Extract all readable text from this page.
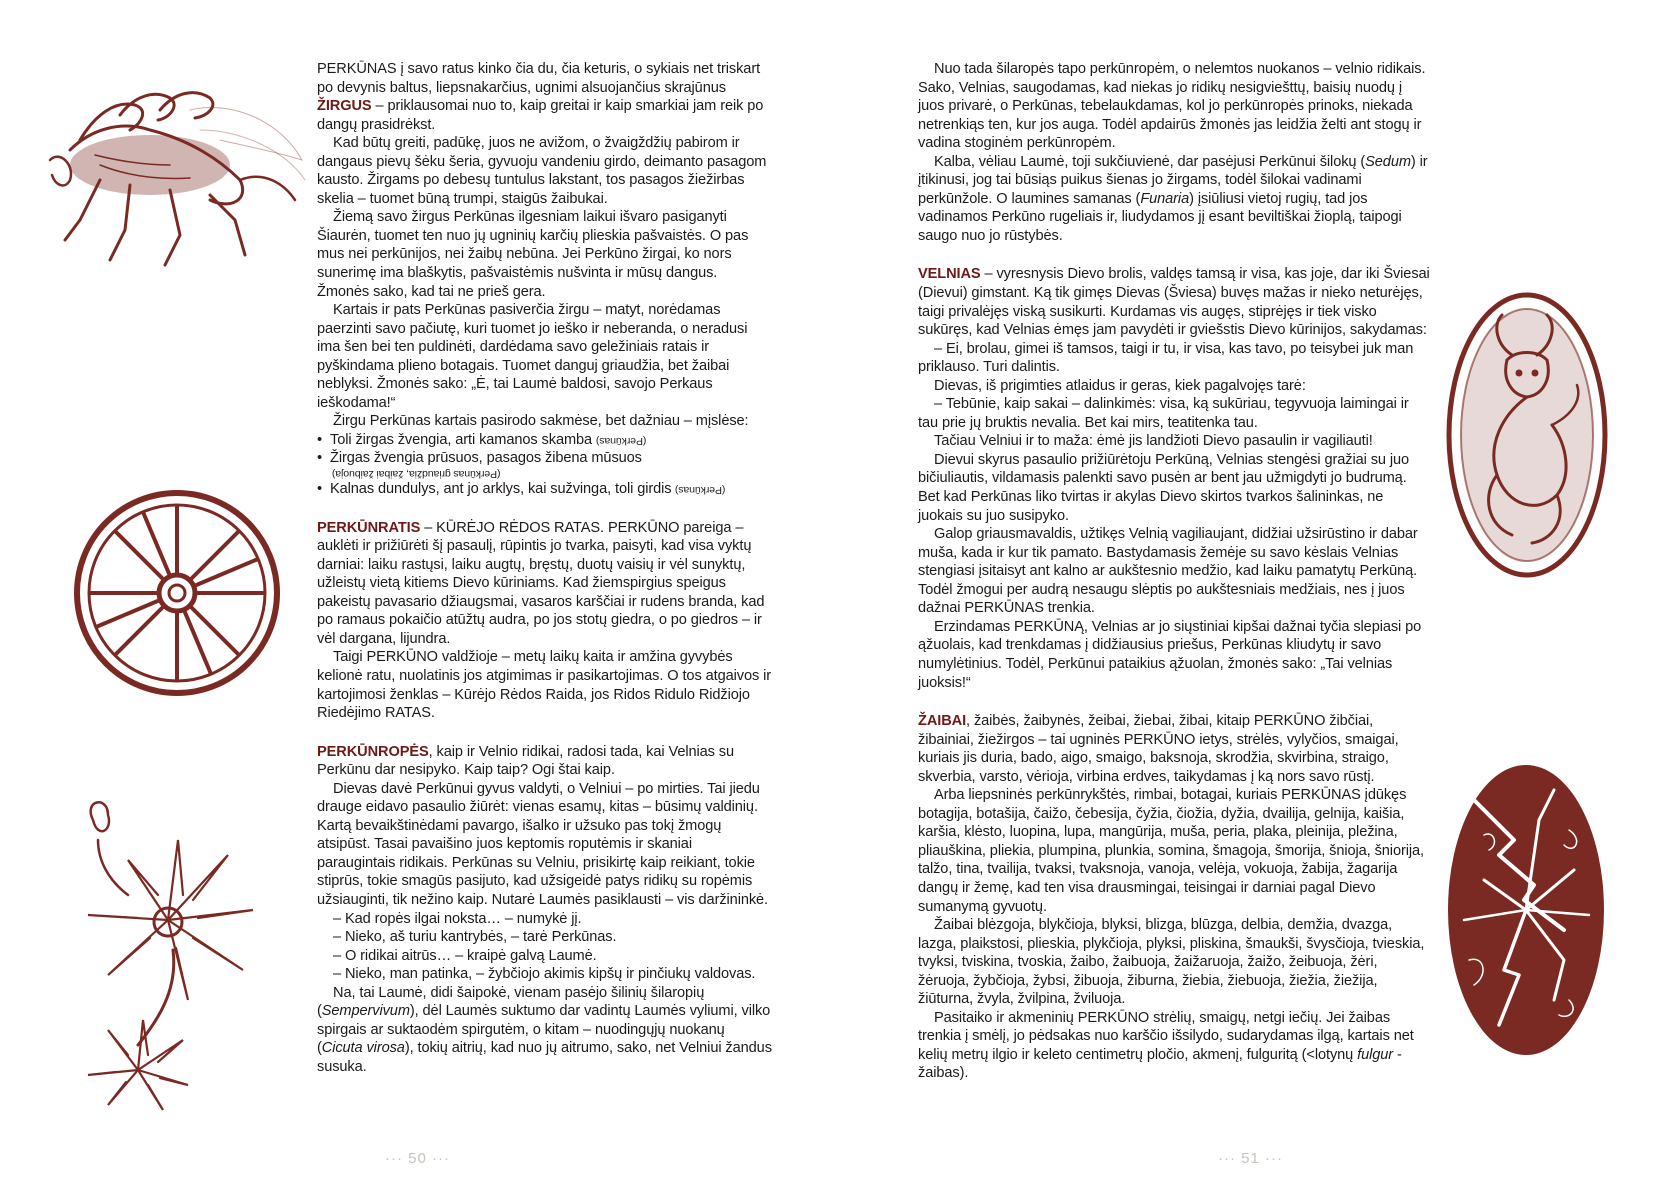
PERKŪNAS į savo ratus kinko čia du, čia keturis, o sykiais net triskart po devynis baltus, liepsnakarčius, ugnimi alsuojančius skrajūnus ŽIRGUS – priklausomai nuo to, kaip greitai ir kaip smarkiai jam reik po dangų prasidrėkst.

Kad būtų greiti, padūkę, juos ne avižom, o žvaigždžių pabirom ir dangaus pievų šėku šeria, gyvuoju vandeniu girdo, deimanto pasagom kausto. Žirgams po debesų tuntulus lakstant, tos pasagos žiežirbas skelia – tuomet būną trumpi, staigūs žaibukai.

Žiemą savo žirgus Perkūnas ilgesniam laikui išvaro pasiganyti Šiaurėn, tuomet ten nuo jų ugninių karčių plieskia pašvaistės. O pas mus nei perkūnijos, nei žaibų nebūna. Jei Perkūno žirgai, ko nors sunerimę ima blaškytis, pašvaistėmis nušvinta ir mūsų dangus. Žmonės sako, kad tai ne prieš gera.

Kartais ir pats Perkūnas pasiverčia žirgu – matyt, norėdamas paerzinti savo pačiutę, kuri tuomet jo ieško ir neberanda, o neradusi ima šen bei ten puldinėti, dardėdama savo geležiniais ratais ir pyškindama plieno botagais. Tuomet danguj griaudžia, bet žaibai neblyksi. Žmonės sako: „Ė, tai Laumė baldosi, savojo Perkaus ieškodama!“

Žirgu Perkūnas kartais pasirodo sakmėse, bet dažniau – mįslėse:

• Toli žirgas žvengia, arti kamanos skamba (Perkūnas)
• Žirgas žvengia prūsuos, pasagos žibena mūsuos
(Perkūnas griaudžia, žaibai žaibuoja)
• Kalnas dundulys, ant jo arklys, kai sužvinga, toli girdis (Perkūnas)

PERKŪNRATIS – KŪRĖJO RĖDOS RATAS. PERKŪNO pareiga – auklėti ir prižiūrėti šį pasaulį, rūpintis jo tvarka, paisyti, kad visa vyktų darniai: laiku rastųsi, laiku augtų, bręstų, duotų vaisių ir vėl sunyktų, užleistų vietą kitiems Dievo kūriniams. Kad žiemspirgius speigus pakeistų pavasario džiaugsmai, vasaros karščiai ir rudens branda, kad po ramaus pokaičio atūžtų audra, po jos stotų giedra, o po giedros – ir vėl dargana, lijundra.

Taigi PERKŪNO valdžioje – metų laikų kaita ir amžina gyvybės kelionė ratu, nuolatinis jos atgimimas ir pasikartojimas. O tos atgaivos ir kartojimosi ženklas – Kūrėjo Rėdos Raida, jos Ridos Ridulo Ridžiojo Riedėjimo RATAS.

PERKŪNROPĖS, kaip ir Velnio ridikai, radosi tada, kai Velnias su Perkūnu dar nesipyko. Kaip taip? Ogi štai kaip.

Dievas davė Perkūnui gyvus valdyti, o Velniui – po mirties. Tai jiedu drauge eidavo pasaulio žiūrėt: vienas esamų, kitas – būsimų valdinių. Kartą bevaikštinėdami pavargo, išalko ir užsuko pas tokį žmogų atsipūst. Tasai pavaišino juos keptomis roputėmis ir skaniai paraugintais ridikais. Perkūnas su Velniu, prisikirtę kaip reikiant, tokie stiprūs, tokie smagūs pasijuto, kad užsigeidė patys ridikų su ropėmis užsiauginti, tik nežino kaip. Nutarė Laumės pasiklausti – vis daržininkė.

– Kad ropės ilgai noksta… – numykė jį.

– Nieko, aš turiu kantrybės, – tarė Perkūnas.

– O ridikai aitrūs… – kraipė galvą Laumė.

– Nieko, man patinka, – žybčiojo akimis kipšų ir pinčiukų valdovas.

Na, tai Laumė, didi šaipokė, vienam pasėjo šilinių šilaropių (Sempervivum), dėl Laumės suktumo dar vadintų Laumės vyliumi, vilko spirgais ar suktaodėm spirgutėm, o kitam – nuodingųjų nuokanų (Cicuta virosa), tokių aitrių, kad nuo jų aitrumo, sako, net Velniui žandus susuka.

··· 50 ···

Nuo tada šilaropės tapo perkūnropėm, o nelemtos nuokanos – velnio ridikais. Sako, Velnias, saugodamas, kad niekas jo ridikų nesigviešttų, baisių nuodų į juos privarė, o Perkūnas, tebelaukdamas, kol jo perkūnropės prinoks, niekada netrenkiąs ten, kur jos auga. Todėl apdairūs žmonės jas leidžia želti ant stogų ir vadina stoginėm perkūnropėm.

Kalba, vėliau Laumė, toji sukčiuvienė, dar pasėjusi Perkūnui šilokų (Sedum) ir įtikinusi, jog tai būsiąs puikus šienas jo žirgams, todėl šilokai vadinami perkūnžole. O laumines samanas (Funaria) įsiūliusi vietoj rugių, tad jos vadinamos Perkūno rugeliais ir, liudydamos jį esant beviltiškai žioplą, taipogi saugo nuo jo rūstybės.

VELNIAS – vyresnysis Dievo brolis, valdęs tamsą ir visa, kas joje, dar iki Šviesai (Dievui) gimstant. Ką tik gimęs Dievas (Šviesa) buvęs mažas ir nieko neturėjęs, taigi privalėjęs viską susikurti. Kurdamas vis augęs, stiprėjęs ir tiek visko sukūręs, kad Velnias ėmęs jam pavydėti ir gviešstis Dievo kūrinijos, sakydamas:

– Ei, brolau, gimei iš tamsos, taigi ir tu, ir visa, kas tavo, po teisybei juk man priklauso. Turi dalintis.

Dievas, iš prigimties atlaidus ir geras, kiek pagalvojęs tarė:

– Tebūnie, kaip sakai – dalinkimės: visa, ką sukūriau, tegyvuoja laimingai ir tau prie jų bruktis nevalia. Bet kai mirs, teatitenka tau.

Tačiau Velniui ir to maža: ėmė jis landžioti Dievo pasaulin ir vagiliauti!

Dievui skyrus pasaulio prižiūrėtoju Perkūną, Velnias stengėsi gražiai su juo bičiuliautis, vildamasis palenkti savo pusėn ar bent jau užmigdyti jo budrumą. Bet kad Perkūnas liko tvirtas ir akylas Dievo skirtos tvarkos šalininkas, ne juokais su juo susipyko.

Galop griausmavaldis, užtikęs Velnią vagiliaujant, didžiai užsirūstino ir dabar muša, kada ir kur tik pamato. Bastydamasis žemėje su savo kėslais Velnias stengiasi įsitaisyt ant kalno ar aukštesnio medžio, kad laiku pamatytų Perkūną. Todėl žmogui per audrą nesaugu slėptis po aukštesniais medžiais, nes į juos dažnai PERKŪNAS trenkia.

Erzindamas PERKŪNĄ, Velnias ar jo siųstiniai kipšai dažnai tyčia slepiasi po ąžuolais, kad trenkdamas į didžiausius priešus, Perkūnas kliudytų ir savo numylėtinius. Todėl, Perkūnui pataikius ąžuolan, žmonės sako: „Tai velnias juoksis!“

ŽAIBAI, žaibės, žaibynės, žeibai, žiebai, žibai, kitaip PERKŪNO žibčiai, žibainiai, žiežirgos – tai ugninės PERKŪNO ietys, strėlės, vylyčios, smaigai, kuriais jis duria, bado, aigo, smaigo, baksnoja, skrodžia, skvirbina, straigo, skverbia, varsto, vėrioja, virbina erdves, taikydamas į ką nors savo rūstį.

Arba liepsninės perkūnrykštės, rimbai, botagai, kuriais PERKŪNAS įdūkęs botagija, botašija, čaižo, čebesija, čyžia, čiožia, dyžia, dvailija, gelnija, kaišia, karšia, klėsto, luopina, lupa, mangūrija, muša, peria, plaka, pleinija, pležina, pliauškina, pliekia, plumpina, plunkia, somina, šmagoja, šmorija, šnioja, šniorija, talžo, tina, tvailija, tvaksi, tvaksnoja, vanoja, velėja, vokuoja, žabija, žagarija dangų ir žemę, kad ten visa drausmingai, teisingai ir darniai pagal Dievo sumanymą gyvuotų.

Žaibai blėzgoja, blykčioja, blyksi, blizga, blūzga, delbia, demžia, dvazga, lazga, plaikstosi, plieskia, plykčioja, plyksi, pliskina, šmaukši, švysčioja, tvieskia, tvyksi, tviskina, tvoskia, žaibo, žaibuoja, žaižaruoja, žaižo, žeibuoja, žėri, žėruoja, žybčioja, žybsi, žibuoja, žiburna, žiebia, žiebuoja, žiežia, žiežija, žiūturna, žvyla, žvilpina, žviluoja.

Pasitaiko ir akmeninių PERKŪNO strėlių, smaigų, netgi iečių. Jei žaibas trenkia į smėlį, jo pėdsakas nuo karščio išsilydo, sudarydamas ilgą, kartais net kelių metrų ilgio ir keleto centimetrų pločio, akmenį, fulguritą (<lotynų fulgur - žaibas).

··· 51 ···
